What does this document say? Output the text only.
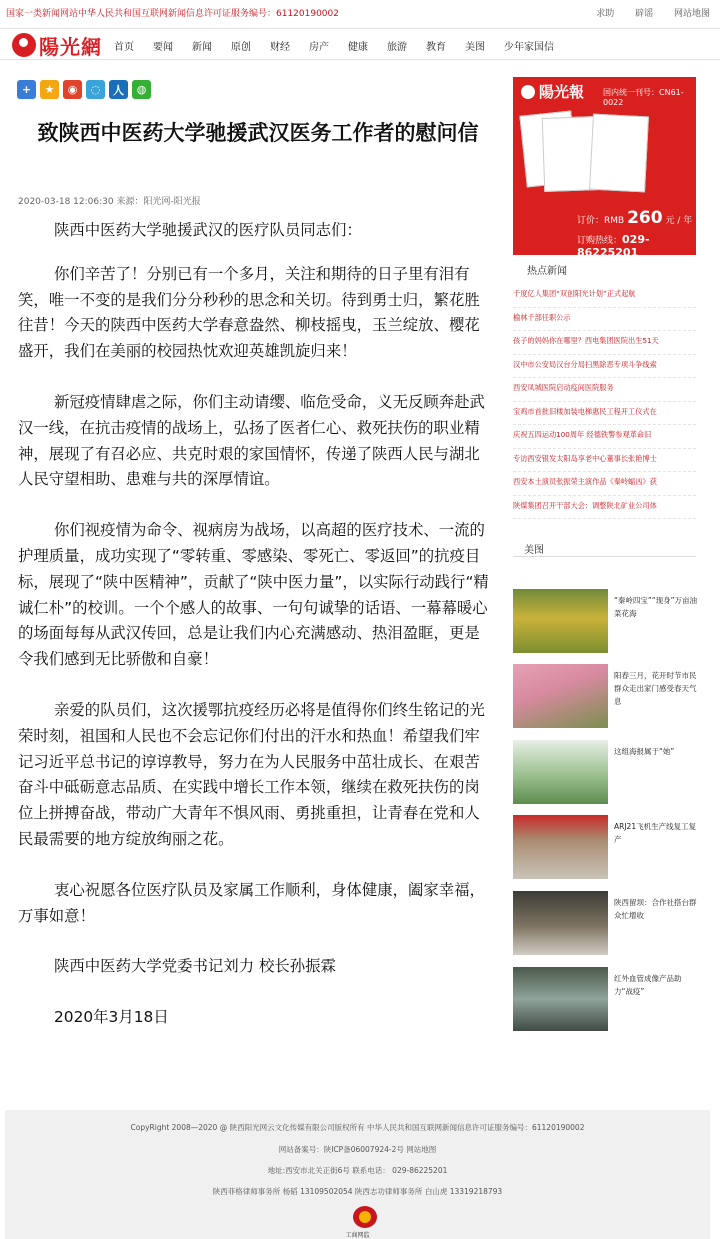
国家一类新闻网站 中华人民共和国互联网新闻信息许可证服务编号：61120190002	求助 辟谣 网站地图
陽光網 首页 要闻 新闻 原创 财经 房产 健康 旅游 教育 美图 少年家国信
+	★	◉	◌	人	◍
致陕西中医药大学驰援武汉医务工作者的慰问信
2020-03-18 12:06:30 来源：阳光网-阳光报

陕西中医药大学驰援武汉的医疗队员同志们：

你们辛苦了！分别已有一个多月，关注和期待的日子里有泪有笑，唯一不变的是我们分分秒秒的思念和关切。待到勇士归，繁花胜往昔！今天的陕西中医药大学春意盎然、柳枝摇曳，玉兰绽放、樱花盛开，我们在美丽的校园热忱欢迎英雄凯旋归来！

新冠疫情肆虐之际，你们主动请缨、临危受命，义无反顾奔赴武汉一线，在抗击疫情的战场上，弘扬了医者仁心、救死扶伤的职业精神，展现了有召必应、共克时艰的家国情怀，传递了陕西人民与湖北人民守望相助、患难与共的深厚情谊。

你们视疫情为命令、视病房为战场，以高超的医疗技术、一流的护理质量，成功实现了“零转重、零感染、零死亡、零返回”的抗疫目标，展现了“陕中医精神”，贡献了“陕中医力量”，以实际行动践行“精诚仁朴”的校训。一个个感人的故事、一句句诚挚的话语、一幕幕暖心的场面每每从武汉传回，总是让我们内心充满感动、热泪盈眶，更是令我们感到无比骄傲和自豪！

亲爱的队员们，这次援鄂抗疫经历必将是值得你们终生铭记的光荣时刻，祖国和人民也不会忘记你们付出的汗水和热血！希望我们牢记习近平总书记的谆谆教导，努力在为人民服务中茁壮成长、在艰苦奋斗中砥砺意志品质、在实践中增长工作本领，继续在救死扶伤的岗位上拼搏奋战，带动广大青年不惧风雨、勇挑重担，让青春在党和人民最需要的地方绽放绚丽之花。

衷心祝愿各位医疗队员及家属工作顺利，身体健康，阖家幸福，万事如意！

陕西中医药大学党委书记刘力 校长孙振霖

2020年3月18日

陽光報 国内统一刊号：CN61-0022
订价：RMB 260 元 / 年
订购热线：029-86225201
热点新闻
千度亿人集团“双创阳光计划”正式起航
榆林千部任职公示
孩子的妈妈你在哪里？西电集团医院出生51天
汉中市公安局汉台分局扫黑除恶专项斗争线索
西安凤城医院启动疫间医院服务
宝鸡市首批旧楼加装电梯惠民工程开工仪式在
庆祝五四运动100周年 经德铁警参观革命旧
专访西安银发太阳岛享老中心董事长张艳博士
西安本土演员张振荣主演作品《秦岭蝠凶》获
陕煤集团召开干部大会：调整陕北矿业公司体
美图
“秦岭四宝”“现身”万亩油菜花海
阳春三月，花开时节市民群众走出家门感受春天气息
这组海报属于“她”
ARJ21飞机生产线复工复产
陕西留坝：合作社搭台群众忙增收
红外血管成像产品助力“战疫”
CopyRight 2008—2020 @ 陕西阳光网云文化传媒有限公司版权所有 中华人民共和国互联网新闻信息许可证服务编号：61120190002
网站备案号：陕ICP备06007924-2号 网站地图
地址:西安市北关正街6号 联系电话： 029-86225201
陕西菲格律师事务所 杨韬 13109502054 陕西志功律师事务所 白山虎 13319218793
工商网监
